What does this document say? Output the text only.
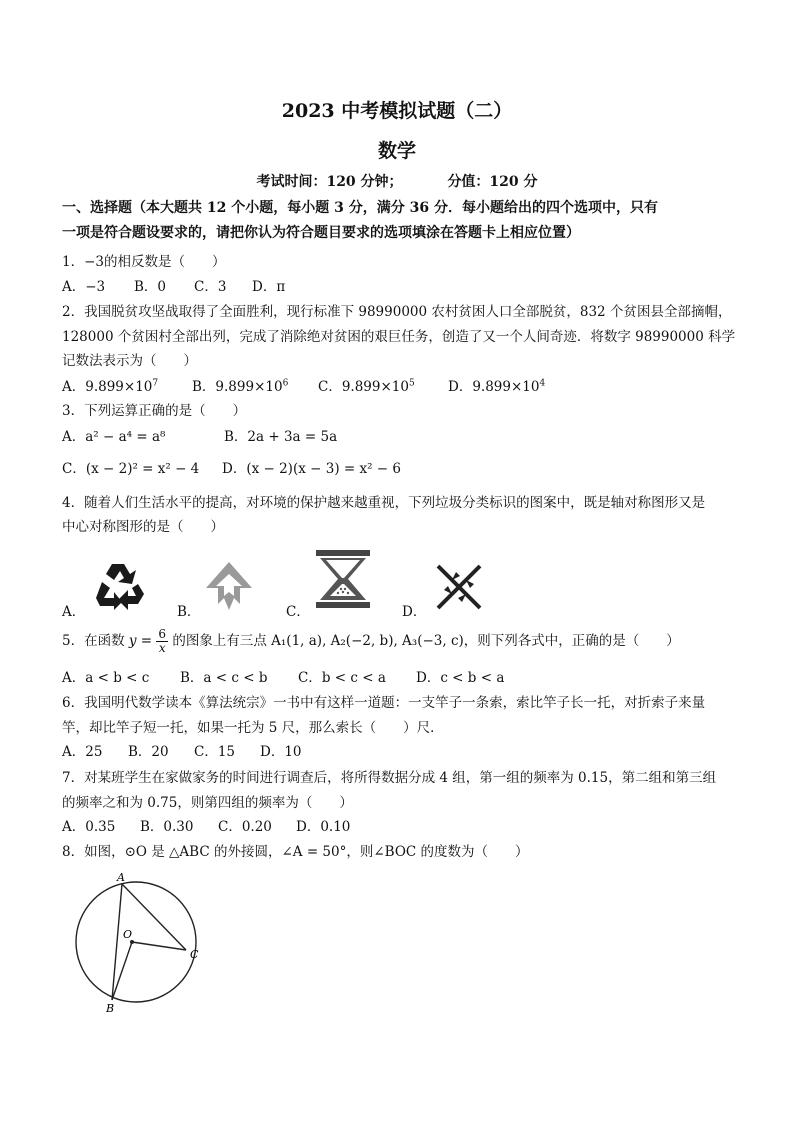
2023 中考模拟试题（二）
数学
考试时间：120 分钟；	分值：120 分
一、选择题（本大题共 12 个小题，每小题 3 分，满分 36 分．每小题给出的四个选项中，只有
一项是符合题设要求的，请把你认为符合题目要求的选项填涂在答题卡上相应位置）
1．−3的相反数是（　　）
A．−3 B．0 C．3 D．π
2．我国脱贫攻坚战取得了全面胜利，现行标准下 98990000 农村贫困人口全部脱贫，832 个贫困县全部摘帽，
128000 个贫困村全部出列，完成了消除绝对贫困的艰巨任务，创造了又一个人间奇迹．将数字 98990000 科学
记数法表示为（　　）
A．$9.899\times 10^7$	B．$9.899\times 10^6$ C．$9.899\times 10^5$ D．$9.899\times 10^4$
3．下列运算正确的是（　　）
A．a² − a⁴ = a⁸	B．2a + 3a = 5a
C．(x − 2)² = x² − 4 D．(x − 2)(x − 3) = x² − 6
4．随着人们生活水平的提高，对环境的保护越来越重视，下列垃圾分类标识的图案中，既是轴对称图形又是
中心对称图形的是（　　）
A．	B．	C．	D．
5．在函数 $y = \frac{6}{x}$ 的图象上有三点 A₁(1, a), A₂(−2, b), A₃(−3, c)，则下列各式中，正确的是（　　）
A．a < b < c B．a < c < b C．b < c < a D．c < b < a
6．我国明代数学读本《算法统宗》一书中有这样一道题：一支竿子一条索，索比竿子长一托，对折索子来量
竿，却比竿子短一托，如果一托为 5 尺，那么索长（　　）尺．
A．25 B．20 C．15 D．10
7．对某班学生在家做家务的时间进行调查后，将所得数据分成 4 组，第一组的频率为 0.15，第二组和第三组
的频率之和为 0.75，则第四组的频率为（　　）
A．0.35 B．0.30 C．0.20 D．0.10
8．如图，⊙O 是 △ABC 的外接圆，∠A = 50°，则∠BOC 的度数为（　　）
A
O
C
B
